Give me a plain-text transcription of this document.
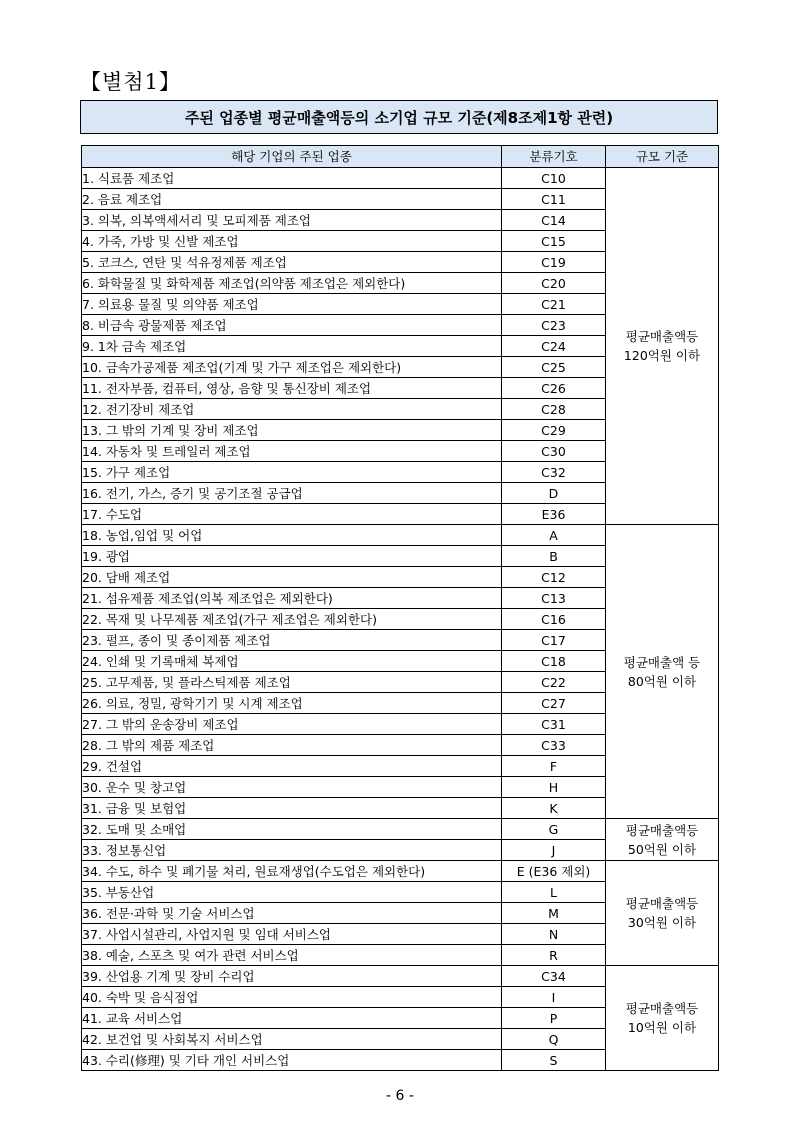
【별첨1】
주된 업종별 평균매출액등의 소기업 규모 기준(제8조제1항 관련)
해당 기업의 주된 업종	분류기호	규모 기준
1. 식료품 제조업	C10	평균매출액등
120억원 이하

2. 음료 제조업	C11	
3. 의복, 의복액세서리 및 모피제품 제조업	C14	
4. 가죽, 가방 및 신발 제조업	C15	
5. 코크스, 연탄 및 석유정제품 제조업	C19	
6. 화학물질 및 화학제품 제조업(의약품 제조업은 제외한다)	C20	
7. 의료용 물질 및 의약품 제조업	C21	
8. 비금속 광물제품 제조업	C23	
9. 1차 금속 제조업	C24	
10. 금속가공제품 제조업(기계 및 가구 제조업은 제외한다)	C25	
11. 전자부품, 컴퓨터, 영상, 음향 및 통신장비 제조업	C26	
12. 전기장비 제조업	C28	
13. 그 밖의 기계 및 장비 제조업	C29	
14. 자동차 및 트레일러 제조업	C30	
15. 가구 제조업	C32	
16. 전기, 가스, 증기 및 공기조절 공급업	D	
17. 수도업	E36	
18. 농업,임업 및 어업	A	평균매출액 등
80억원 이하

19. 광업	B	
20. 담배 제조업	C12	
21. 섬유제품 제조업(의복 제조업은 제외한다)	C13	
22. 목재 및 나무제품 제조업(가구 제조업은 제외한다)	C16	
23. 펄프, 종이 및 종이제품 제조업	C17	
24. 인쇄 및 기록매체 복제업	C18	
25. 고무제품, 및 플라스틱제품 제조업	C22	
26. 의료, 정밀, 광학기기 및 시계 제조업	C27	
27. 그 밖의 운송장비 제조업	C31	
28. 그 밖의 제품 제조업	C33	
29. 건설업	F	
30. 운수 및 창고업	H	
31. 금융 및 보험업	K	
32. 도매 및 소매업	G	평균매출액등
50억원 이하

33. 정보통신업	J	
34. 수도, 하수 및 폐기물 처리, 원료재생업(수도업은 제외한다)	E (E36 제외)	평균매출액등
30억원 이하

35. 부동산업	L	
36. 전문·과학 및 기술 서비스업	M	
37. 사업시설관리, 사업지원 및 임대 서비스업	N	
38. 예술, 스포츠 및 여가 관련 서비스업	R	
39. 산업용 기계 및 장비 수리업	C34	평균매출액등
10억원 이하

40. 숙박 및 음식점업	I	
41. 교육 서비스업	P	
42. 보건업 및 사회복지 서비스업	Q	
43. 수리(修理) 및 기타 개인 서비스업	S	
- 6 -
